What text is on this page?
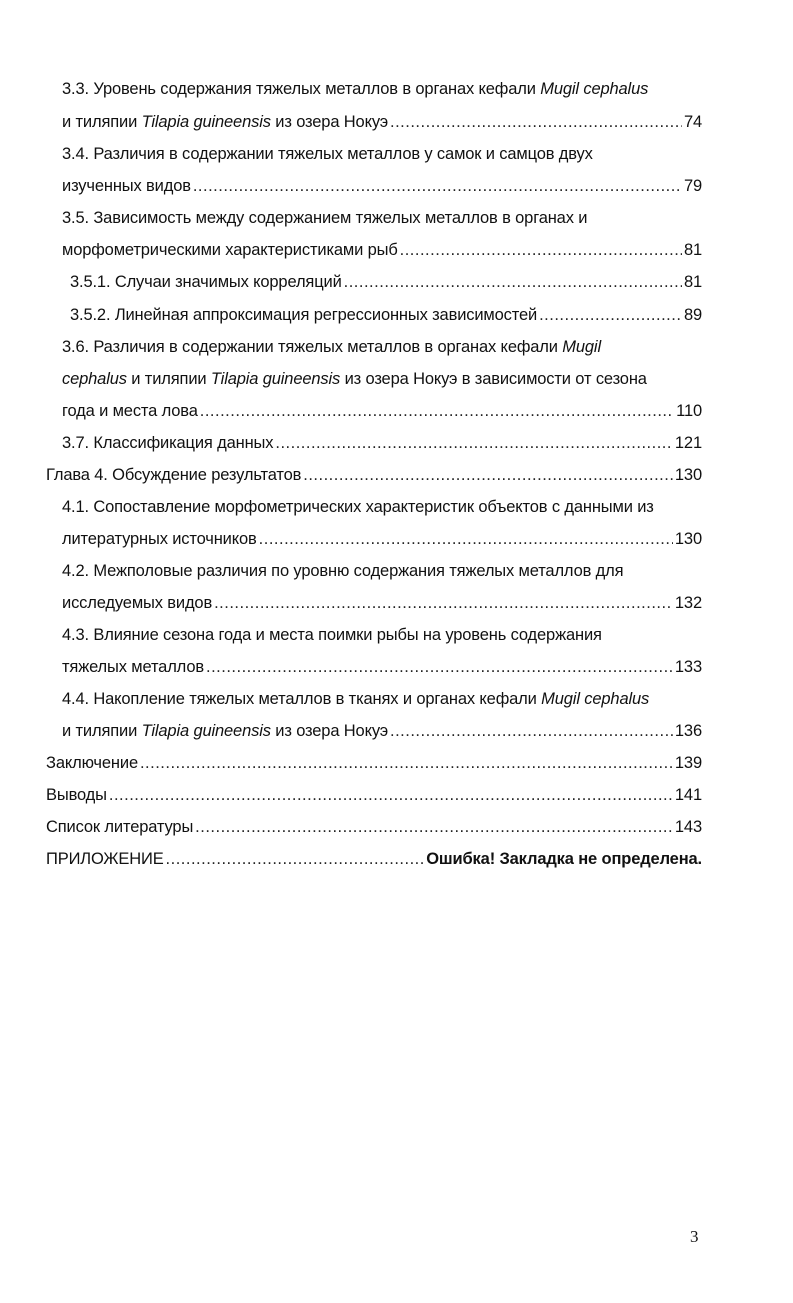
3.3. Уровень содержания тяжелых металлов в органах кефали Mugil cephalus
и тиляпии Tilapia guineensis из озера Нокуэ .....	74
3.4. Различия в содержании тяжелых металлов у самок и самцов двух
изученных видов .....	79
3.5. Зависимость между содержанием тяжелых металлов в органах и
морфометрическими характеристиками рыб .....	81
3.5.1. Случаи значимых корреляций .....	81
3.5.2. Линейная аппроксимация регрессионных зависимостей .....	89
3.6. Различия в содержании тяжелых металлов в органах кефали Mugil
cephalus и тиляпии Tilapia guineensis из озера Нокуэ в зависимости от сезона
года и места лова .....	110
3.7. Классификация данных .....	121
Глава 4. Обсуждение результатов .....	130
4.1. Сопоставление морфометрических характеристик объектов с данными из
литературных источников .....	130
4.2. Межполовые различия по уровню содержания тяжелых металлов для
исследуемых видов .....	132
4.3. Влияние сезона года и места поимки рыбы на уровень содержания
тяжелых металлов .....	133
4.4. Накопление тяжелых металлов в тканях и органах кефали Mugil cephalus
и тиляпии Tilapia guineensis из озера Нокуэ .....	136
Заключение .....	139
Выводы .....	141
Список литературы .....	143
ПРИЛОЖЕНИЕ .....	Ошибка! Закладка не определена.
3
